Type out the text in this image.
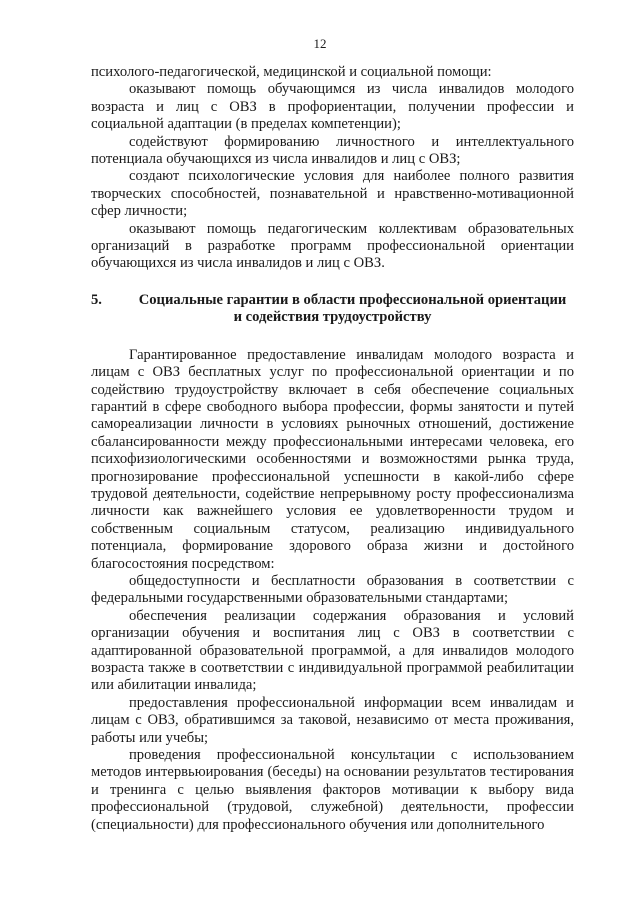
12

психолого-педагогической, медицинской и социальной помощи:

оказывают помощь обучающимся из числа инвалидов молодого возраста и лиц с ОВЗ в профориентации, получении профессии и социальной адаптации (в пределах компетенции);

содействуют формированию личностного и интеллектуального потенциала обучающихся из числа инвалидов и лиц с ОВЗ;

создают психологические условия для наиболее полного развития творческих способностей, познавательной и нравственно-мотивационной сфер личности;

оказывают помощь педагогическим коллективам образовательных организаций в разработке программ профессиональной ориентации обучающихся из числа инвалидов и лиц с ОВЗ.

5.	Социальные гарантии в области профессиональной ориентации
и содействия трудоустройству

Гарантированное предоставление инвалидам молодого возраста и лицам с ОВЗ бесплатных услуг по профессиональной ориентации и по содействию трудоустройству включает в себя обеспечение социальных гарантий в сфере свободного выбора профессии, формы занятости и путей самореализации личности в условиях рыночных отношений, достижение сбалансированности между профессиональными интересами человека, его психофизиологическими особенностями и возможностями рынка труда, прогнозирование профессиональной успешности в какой-либо сфере трудовой деятельности, содействие непрерывному росту профессионализма личности как важнейшего условия ее удовлетворенности трудом и собственным социальным статусом, реализацию индивидуального потенциала, формирование здорового образа жизни и достойного благосостояния посредством:

общедоступности и бесплатности образования в соответствии с федеральными государственными образовательными стандартами;

обеспечения реализации содержания образования и условий организации обучения и воспитания лиц с ОВЗ в соответствии с адаптированной образовательной программой, а для инвалидов молодого возраста также в соответствии с индивидуальной программой реабилитации или абилитации инвалида;

предоставления профессиональной информации всем инвалидам и лицам с ОВЗ, обратившимся за таковой, независимо от места проживания, работы или учебы;

проведения профессиональной консультации с использованием методов интервьюирования (беседы) на основании результатов тестирования и тренинга с целью выявления факторов мотивации к выбору вида профессиональной (трудовой, служебной) деятельности, профессии (специальности) для профессионального обучения или дополнительного
